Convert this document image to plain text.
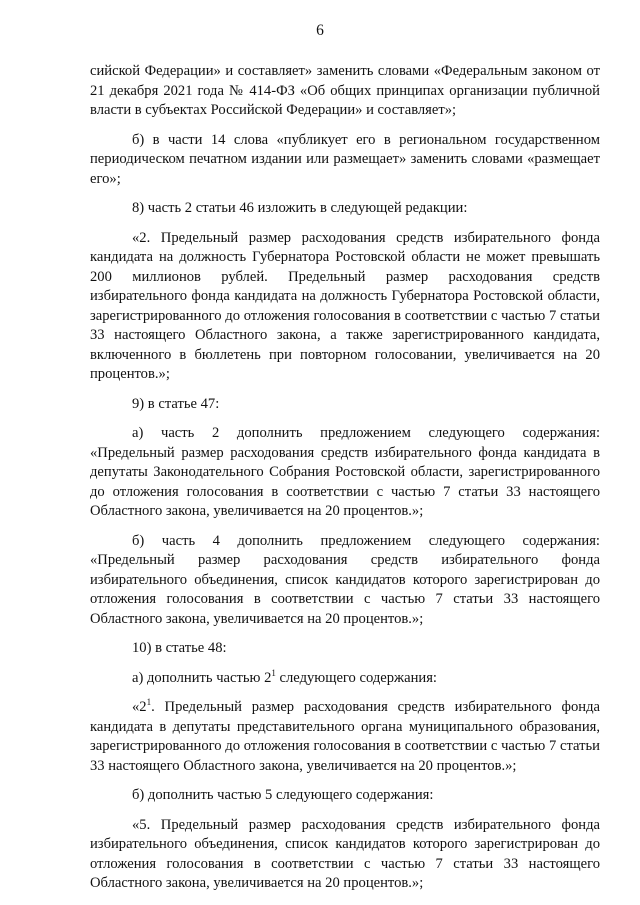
6

сийской Федерации» и составляет» заменить словами «Федеральным законом от 21 декабря 2021 года № 414-ФЗ «Об общих принципах организации публичной власти в субъектах Российской Федерации» и составляет»;

б) в части 14 слова «публикует его в региональном государственном периодическом печатном издании или размещает» заменить словами «размещает его»;

8) часть 2 статьи 46 изложить в следующей редакции:

«2. Предельный размер расходования средств избирательного фонда кандидата на должность Губернатора Ростовской области не может превышать 200 миллионов рублей. Предельный размер расходования средств избирательного фонда кандидата на должность Губернатора Ростовской области, зарегистрированного до отложения голосования в соответствии с частью 7 статьи 33 настоящего Областного закона, а также зарегистрированного кандидата, включенного в бюллетень при повторном голосовании, увеличивается на 20 процентов.»;

9) в статье 47:

а) часть 2 дополнить предложением следующего содержания: «Предельный размер расходования средств избирательного фонда кандидата в депутаты Законодательного Собрания Ростовской области, зарегистрированного до отложения голосования в соответствии с частью 7 статьи 33 настоящего Областного закона, увеличивается на 20 процентов.»;

б) часть 4 дополнить предложением следующего содержания: «Предельный размер расходования средств избирательного фонда избирательного объединения, список кандидатов которого зарегистрирован до отложения голосования в соответствии с частью 7 статьи 33 настоящего Областного закона, увеличивается на 20 процентов.»;

10) в статье 48:

а) дополнить частью $2^1$ следующего содержания:

«$2^1$. Предельный размер расходования средств избирательного фонда кандидата в депутаты представительного органа муниципального образования, зарегистрированного до отложения голосования в соответствии с частью 7 статьи 33 настоящего Областного закона, увеличивается на 20 процентов.»;

б) дополнить частью 5 следующего содержания:

«5. Предельный размер расходования средств избирательного фонда избирательного объединения, список кандидатов которого зарегистрирован до отложения голосования в соответствии с частью 7 статьи 33 настоящего Областного закона, увеличивается на 20 процентов.»;
